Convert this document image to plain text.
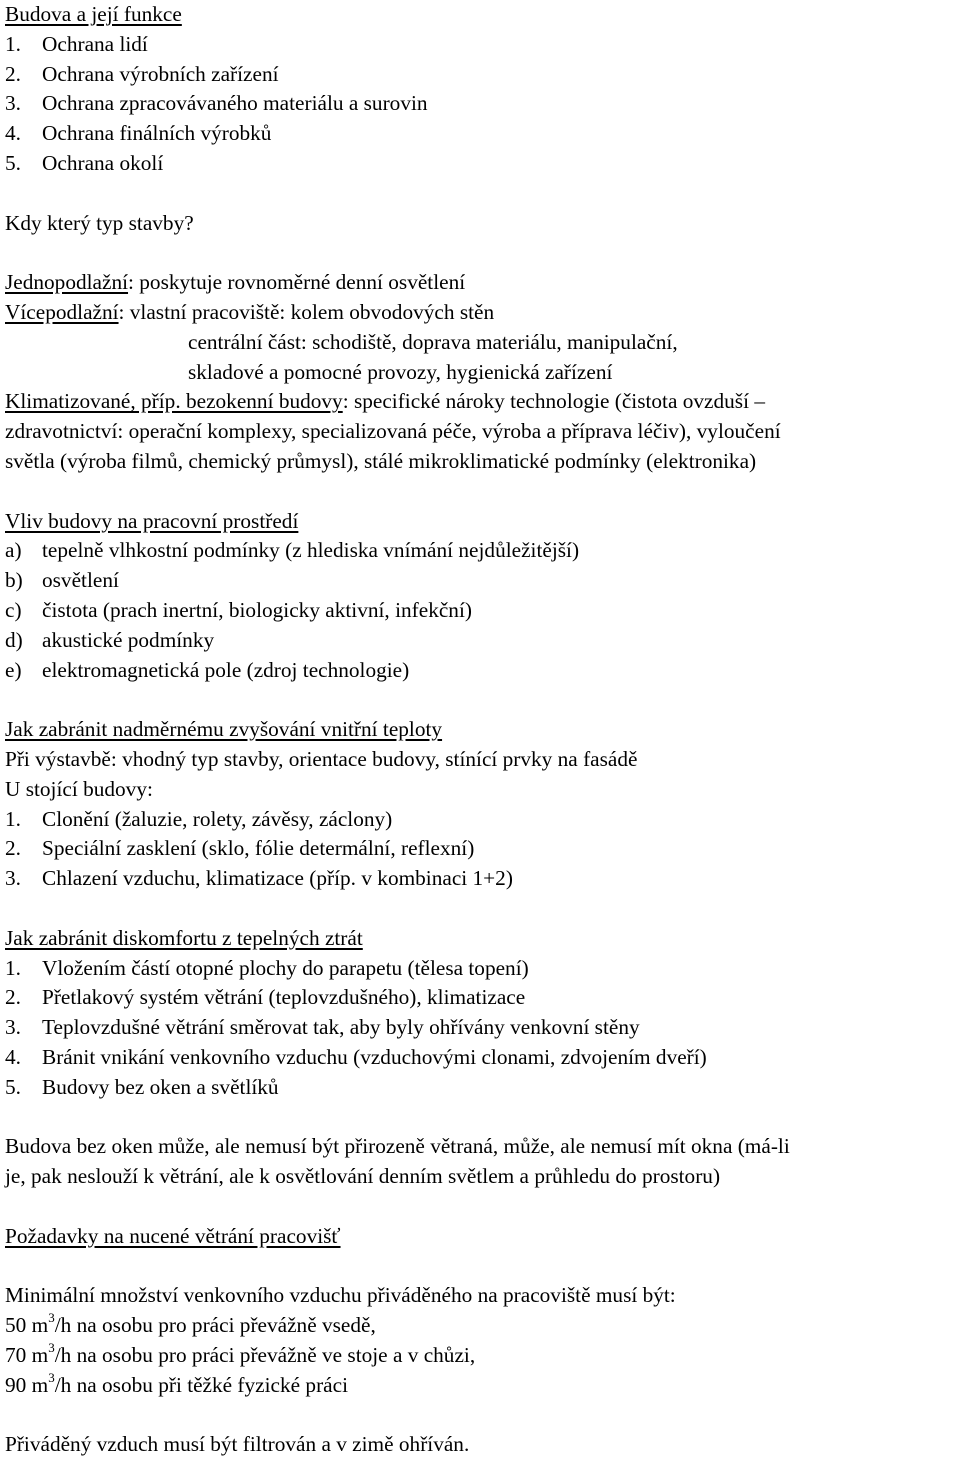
Budova a její funkce
1. Ochrana lidí
2. Ochrana výrobních zařízení
3. Ochrana zpracovávaného materiálu a surovin
4. Ochrana finálních výrobků
5. Ochrana okolí
Kdy který typ stavby?
Jednopodlažní: poskytuje rovnoměrné denní osvětlení
Vícepodlažní: vlastní pracoviště: kolem obvodových stěn
centrální část: schodiště, doprava materiálu, manipulační,
skladové a pomocné provozy, hygienická zařízení
Klimatizované, příp. bezokenní budovy: specifické nároky technologie (čistota ovzduší –
zdravotnictví: operační komplexy, specializovaná péče, výroba a příprava léčiv), vyloučení
světla (výroba filmů, chemický průmysl), stálé mikroklimatické podmínky (elektronika)
Vliv budovy na pracovní prostředí
a) tepelně vlhkostní podmínky (z hlediska vnímání nejdůležitější)
b) osvětlení
c) čistota (prach inertní, biologicky aktivní, infekční)
d) akustické podmínky
e) elektromagnetická pole (zdroj technologie)
Jak zabránit nadměrnému zvyšování vnitřní teploty
Při výstavbě: vhodný typ stavby, orientace budovy, stínící prvky na fasádě
U stojící budovy:
1. Clonění (žaluzie, rolety, závěsy, záclony)
2. Speciální zasklení (sklo, fólie determální, reflexní)
3. Chlazení vzduchu, klimatizace (příp. v kombinaci 1+2)
Jak zabránit diskomfortu z tepelných ztrát
1. Vložením částí otopné plochy do parapetu (tělesa topení)
2. Přetlakový systém větrání (teplovzdušného), klimatizace
3. Teplovzdušné větrání směrovat tak, aby byly ohřívány venkovní stěny
4. Bránit vnikání venkovního vzduchu (vzduchovými clonami, zdvojením dveří)
5. Budovy bez oken a světlíků
Budova bez oken může, ale nemusí být přirozeně větraná, může, ale nemusí mít okna (má-li
je, pak neslouží k větrání, ale k osvětlování denním světlem a průhledu do prostoru)
Požadavky na nucené větrání pracovišť
Minimální množství venkovního vzduchu přiváděného na pracoviště musí být:
50 $m^3/h$ na osobu pro práci převážně vsedě,
70 $m^3/h$ na osobu pro práci převážně ve stoje a v chůzi,
90 $m^3/h$ na osobu při těžké fyzické práci
Přiváděný vzduch musí být filtrován a v zimě ohříván.
